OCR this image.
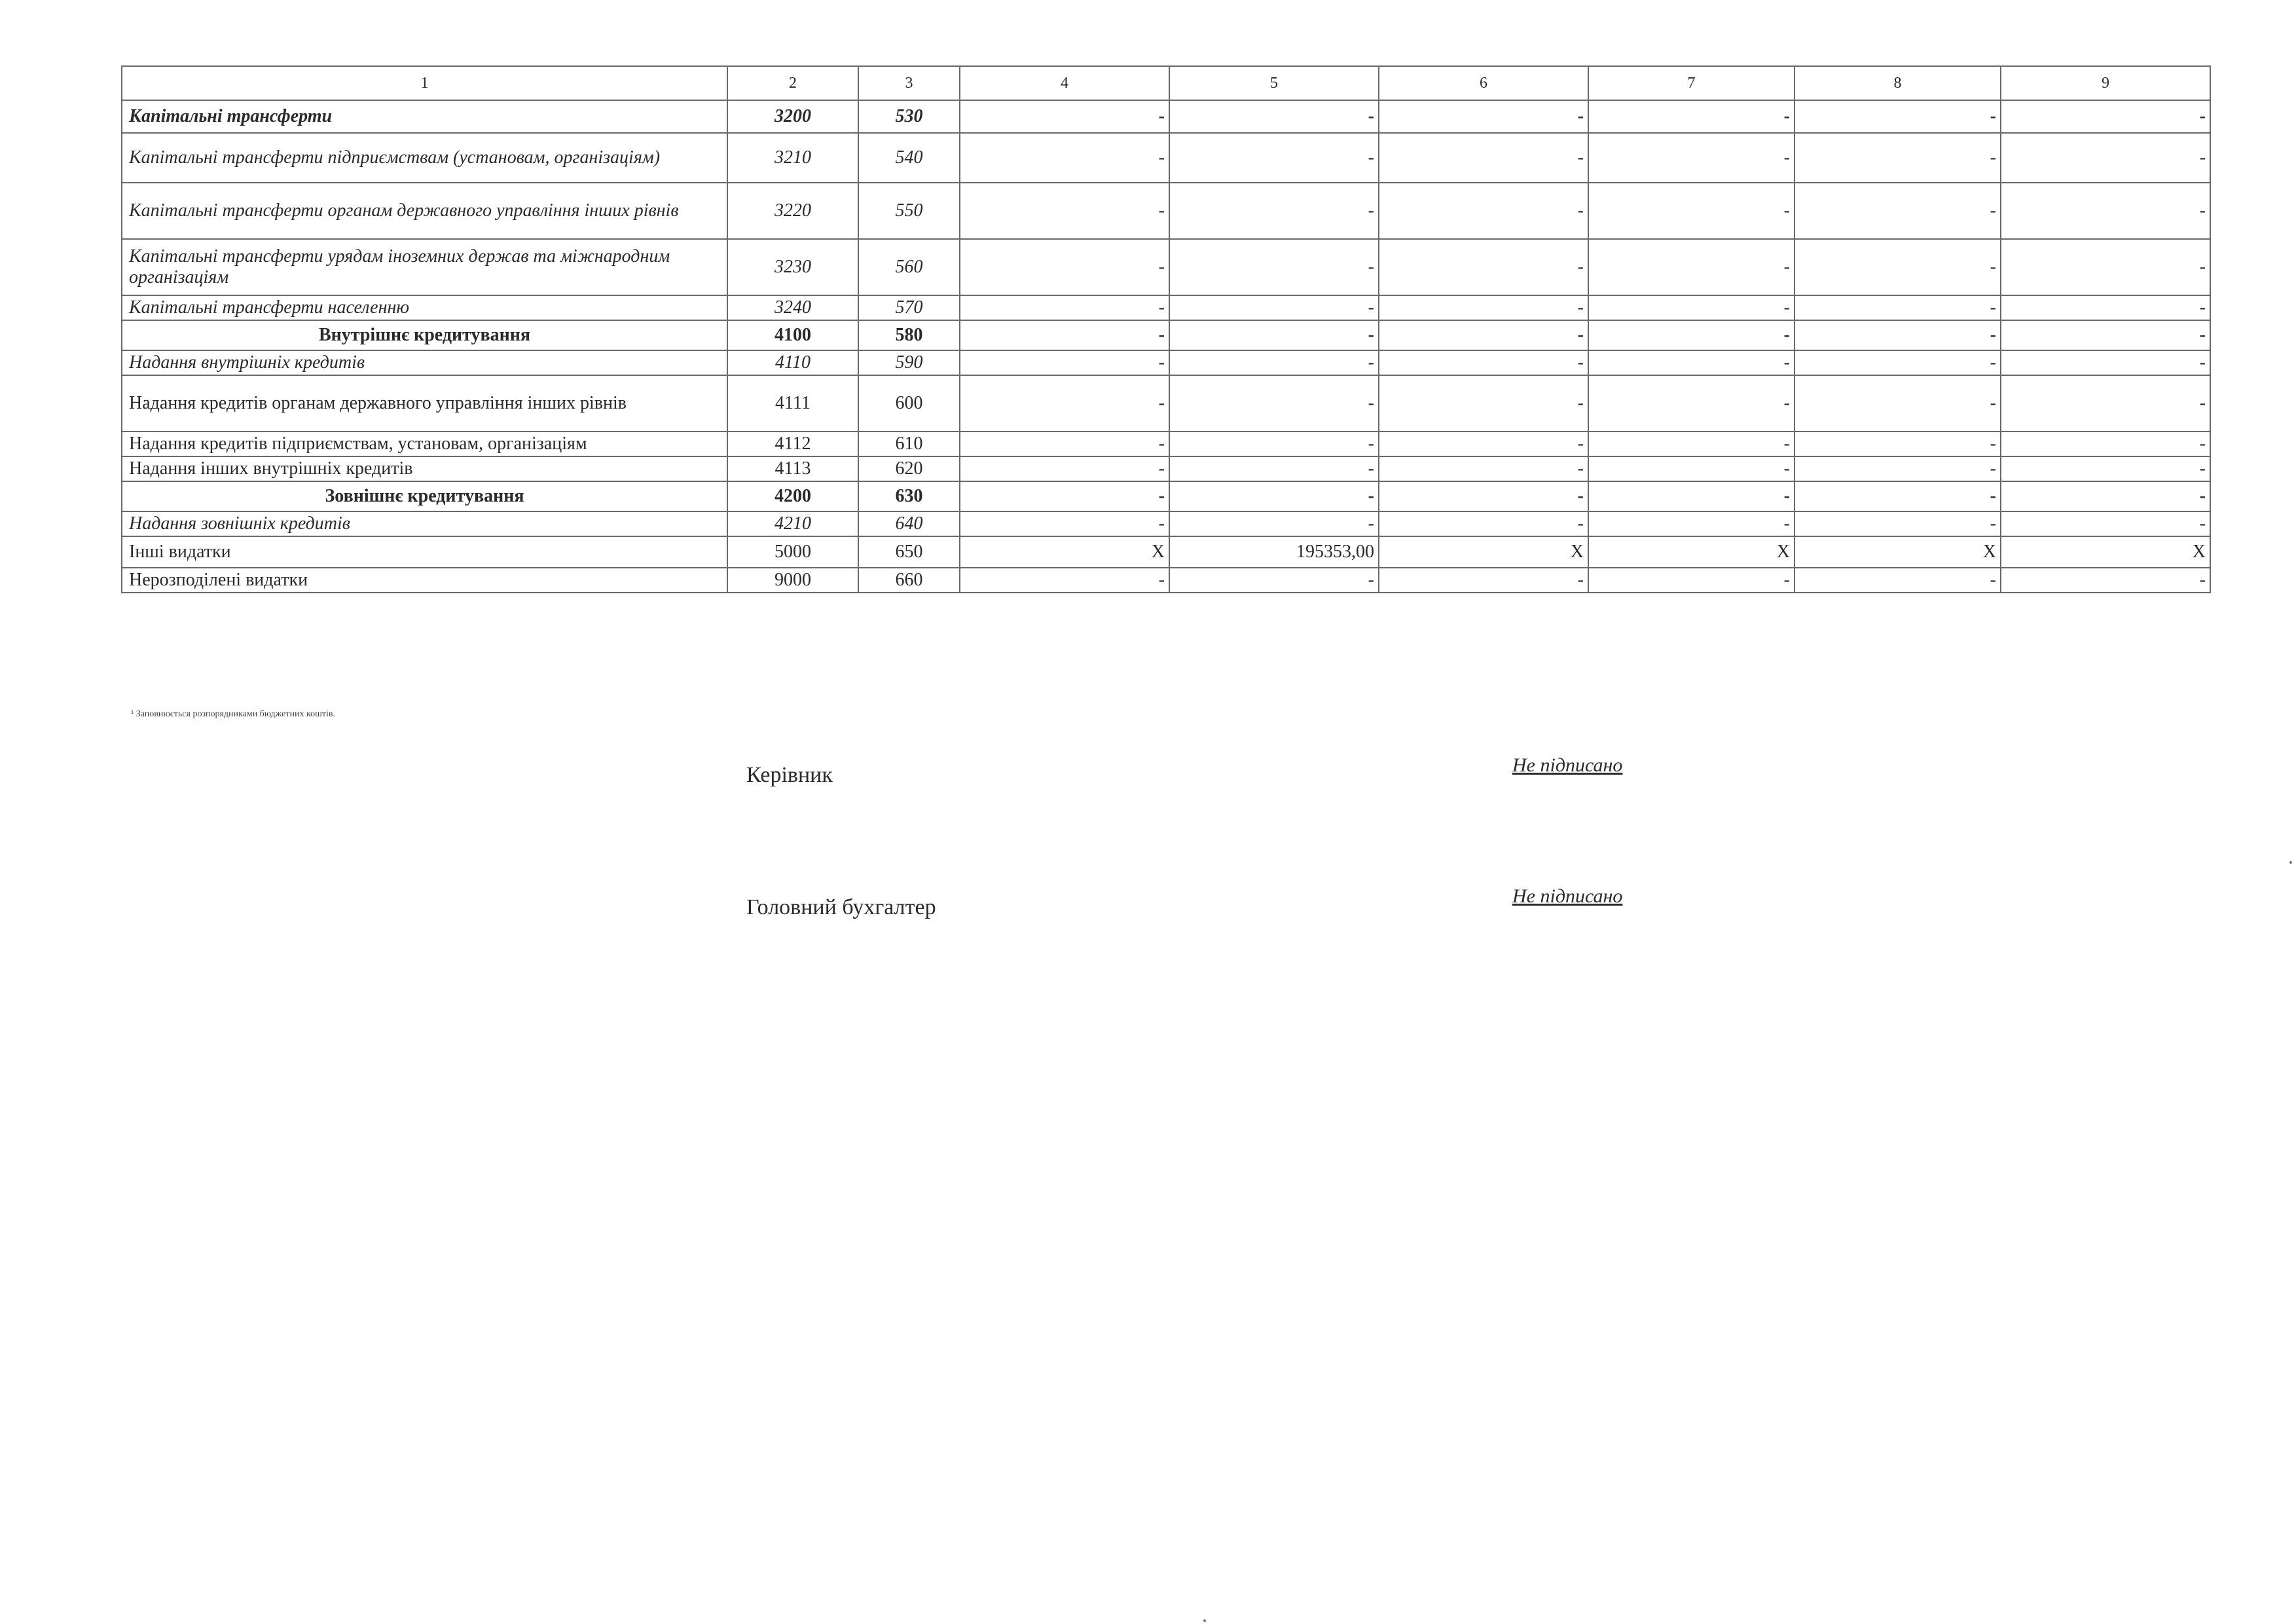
1	2	3	4	5	6	7	8	9
Капітальні трансферти	3200	530	-	-	-	-	-	-
Капітальні трансферти підприємствам (установам, організаціям)	3210	540	-	-	-	-	-	-
Капітальні трансферти органам державного управління інших рівнів	3220	550	-	-	-	-	-	-
Капітальні трансферти урядам іноземних держав та міжнародним організаціям	3230	560	-	-	-	-	-	-
Капітальні трансферти населенню	3240	570	-	-	-	-	-	-
Внутрішнє кредитування	4100	580	-	-	-	-	-	-
Надання внутрішніх кредитів	4110	590	-	-	-	-	-	-
Надання кредитів органам державного управління інших рівнів	4111	600	-	-	-	-	-	-
Надання кредитів підприємствам, установам, організаціям	4112	610	-	-	-	-	-	-
Надання інших внутрішніх кредитів	4113	620	-	-	-	-	-	-
Зовнішнє кредитування	4200	630	-	-	-	-	-	-
Надання зовнішніх кредитів	4210	640	-	-	-	-	-	-
Інші видатки	5000	650	X	195353,00	X	X	X	X
Нерозподілені видатки	9000	660	-	-	-	-	-	-
¹ Заповнюється розпорядниками бюджетних коштів.
Керівник	Не підписано
Головний бухгалтер	Не підписано
